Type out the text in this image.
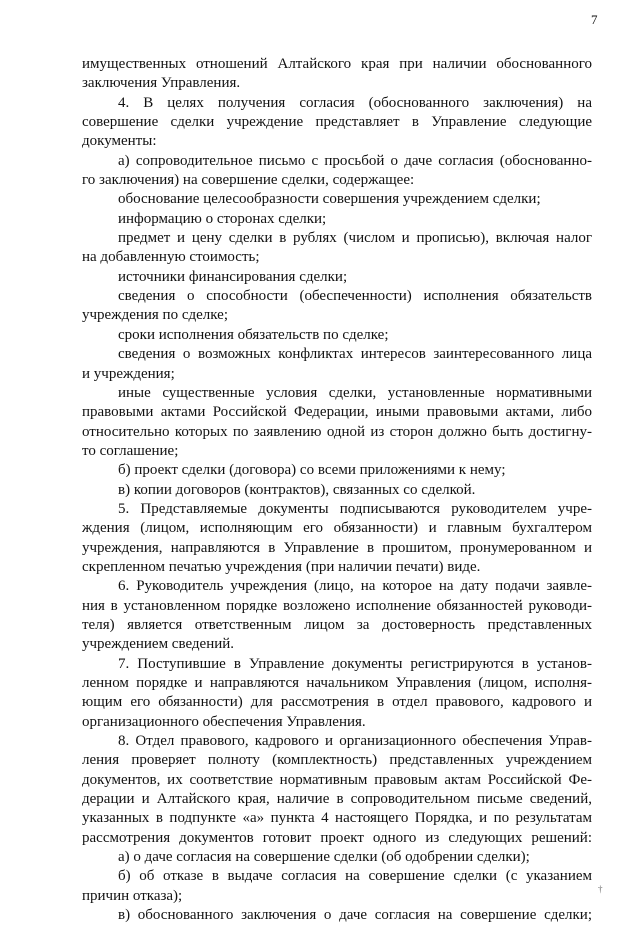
7
имущественных отношений Алтайского края при наличии обоснованного
заключения Управления.
4. В целях получения согласия (обоснованного заключения) на
совершение сделки учреждение представляет в Управление следующие
документы:
а) сопроводительное письмо с просьбой о даче согласия (обоснованно-
го заключения) на совершение сделки, содержащее:
обоснование целесообразности совершения учреждением сделки;
информацию о сторонах сделки;
предмет и цену сделки в рублях (числом и прописью), включая налог
на добавленную стоимость;
источники финансирования сделки;
сведения о способности (обеспеченности) исполнения обязательств
учреждения по сделке;
сроки исполнения обязательств по сделке;
сведения о возможных конфликтах интересов заинтересованного лица
и учреждения;
иные существенные условия сделки, установленные нормативными
правовыми актами Российской Федерации, иными правовыми актами, либо
относительно которых по заявлению одной из сторон должно быть достигну-
то соглашение;
б) проект сделки (договора) со всеми приложениями к нему;
в) копии договоров (контрактов), связанных со сделкой.
5. Представляемые документы подписываются руководителем учре-
ждения (лицом, исполняющим его обязанности) и главным бухгалтером
учреждения, направляются в Управление в прошитом, пронумерованном и
скрепленном печатью учреждения (при наличии печати) виде.
6. Руководитель учреждения (лицо, на которое на дату подачи заявле-
ния в установленном порядке возложено исполнение обязанностей руководи-
теля) является ответственным лицом за достоверность представленных
учреждением сведений.
7. Поступившие в Управление документы регистрируются в установ-
ленном порядке и направляются начальником Управления (лицом, исполня-
ющим его обязанности) для рассмотрения в отдел правового, кадрового и
организационного обеспечения Управления.
8. Отдел правового, кадрового и организационного обеспечения Управ-
ления проверяет полноту (комплектность) представленных учреждением
документов, их соответствие нормативным правовым актам Российской Фе-
дерации и Алтайского края, наличие в сопроводительном письме сведений,
указанных в подпункте «а» пункта 4 настоящего Порядка, и по результатам
рассмотрения документов готовит проект одного из следующих решений:
а) о даче согласия на совершение сделки (об одобрении сделки);
б) об отказе в выдаче согласия на совершение сделки (с указанием
причин отказа);
в) обоснованного заключения о даче согласия на совершение сделки;
†
